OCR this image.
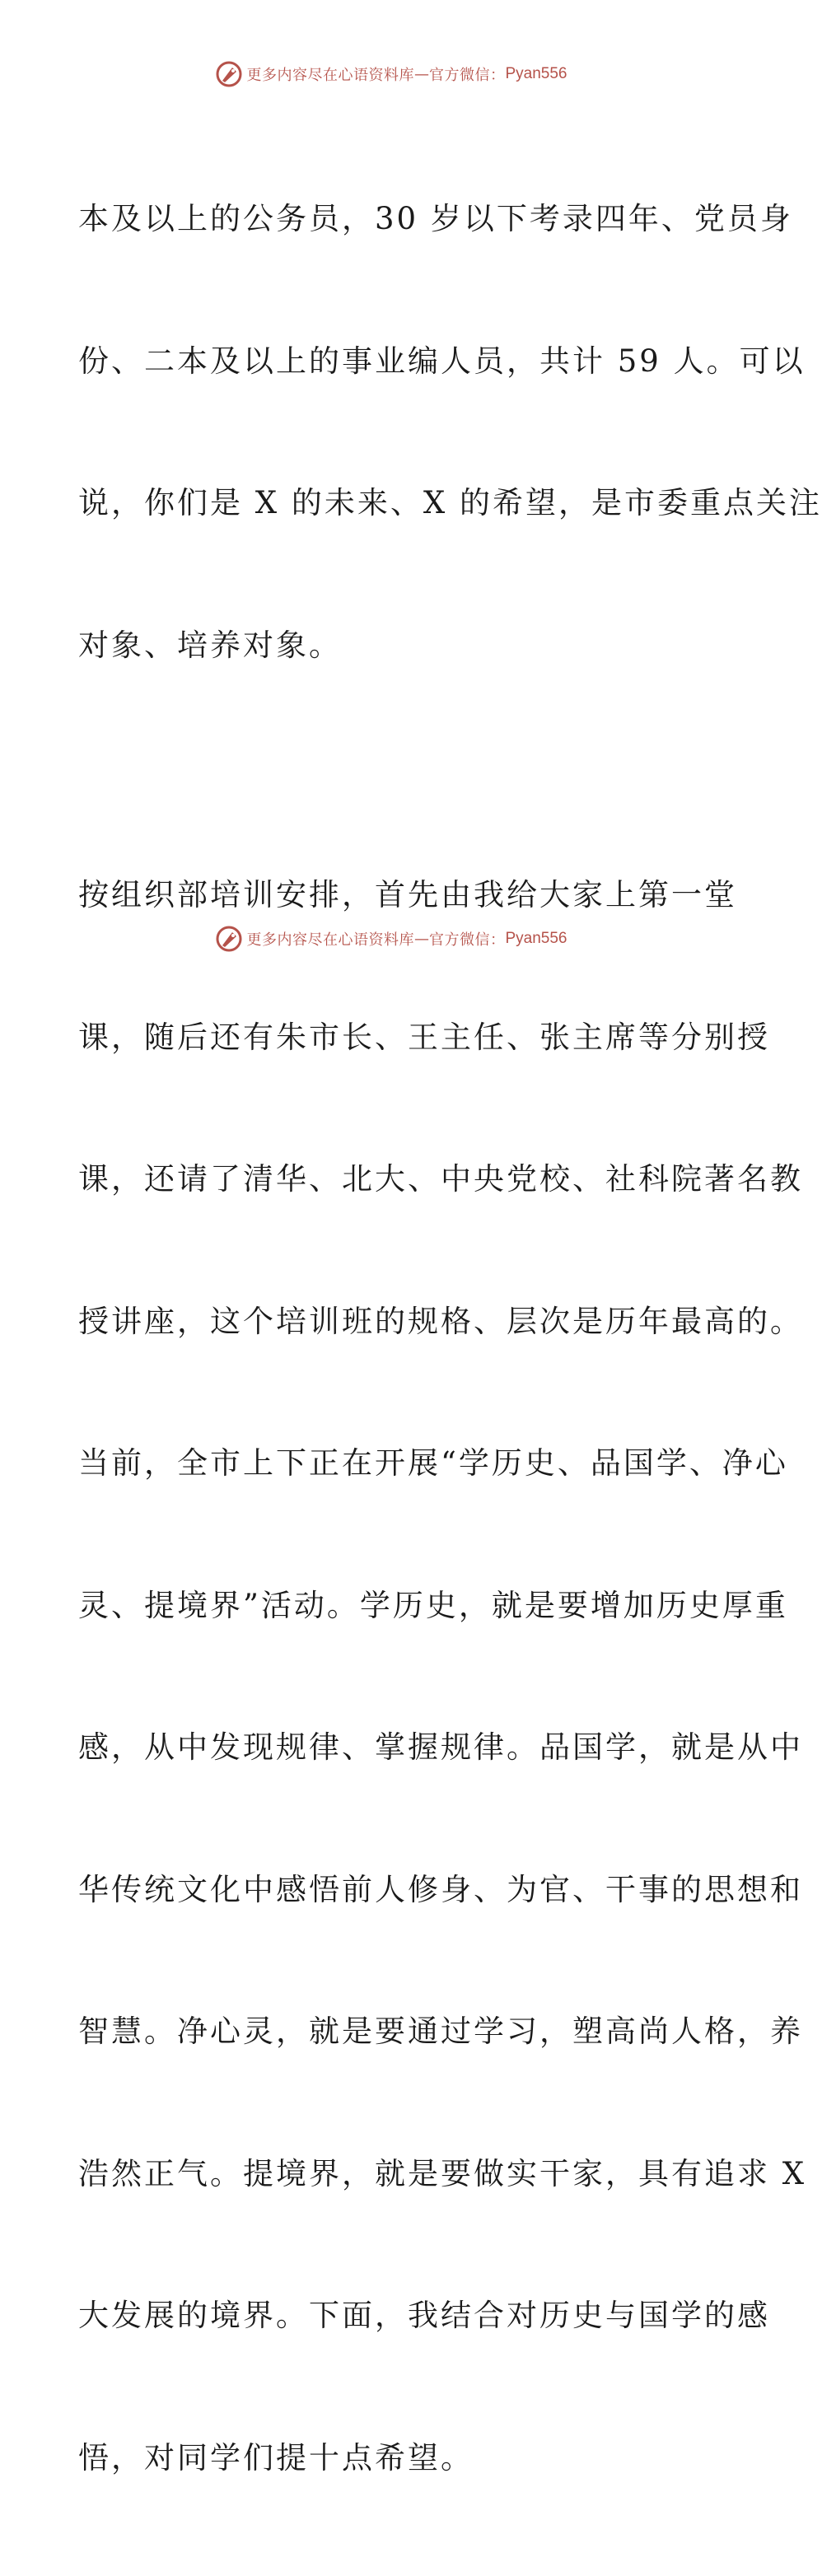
更多内容尽在心语资料库 — 官方微信： Pyan556

本及以上的公务员，30 岁以下考录四年、党员身

份、二本及以上的事业编人员，共计 59 人。可以

说，你们是 X 的未来、X 的希望，是市委重点关注

对象、培养对象。

按组织部培训安排，首先由我给大家上第一堂

课，随后还有朱市长、王主任、张主席等分别授

课，还请了清华、北大、中央党校、社科院著名教

授讲座，这个培训班的规格、层次是历年最高的。

当前，全市上下正在开展“学历史、品国学、净心

灵、提境界”活动。学历史，就是要增加历史厚重

感，从中发现规律、掌握规律。品国学，就是从中

华传统文化中感悟前人修身、为官、干事的思想和

智慧。净心灵，就是要通过学习，塑高尚人格，养

浩然正气。提境界，就是要做实干家，具有追求 X

大发展的境界。下面，我结合对历史与国学的感

悟，对同学们提十点希望。

更多内容尽在心语资料库 — 官方微信： Pyan556
